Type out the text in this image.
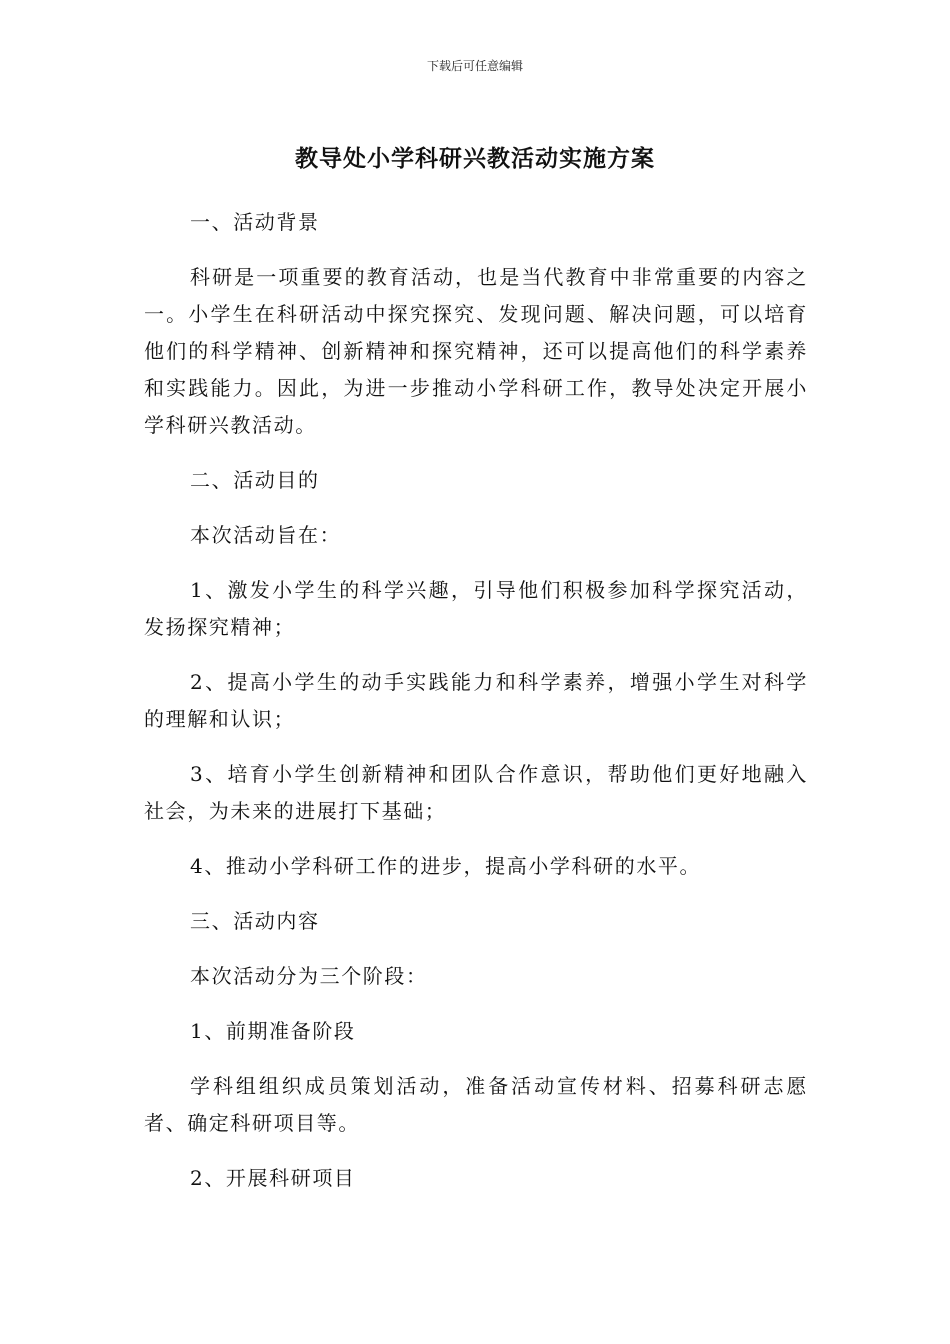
下载后可任意编辑
教导处小学科研兴教活动实施方案

一、活动背景

科研是一项重要的教育活动，也是当代教育中非常重要的内容之一。小学生在科研活动中探究探究、发现问题、解决问题，可以培育他们的科学精神、创新精神和探究精神，还可以提高他们的科学素养和实践能力。因此，为进一步推动小学科研工作，教导处决定开展小学科研兴教活动。

二、活动目的

本次活动旨在：

1、激发小学生的科学兴趣，引导他们积极参加科学探究活动，发扬探究精神；

2、提高小学生的动手实践能力和科学素养，增强小学生对科学的理解和认识；

3、培育小学生创新精神和团队合作意识，帮助他们更好地融入社会，为未来的进展打下基础；

4、推动小学科研工作的进步，提高小学科研的水平。

三、活动内容

本次活动分为三个阶段：

1、前期准备阶段

学科组组织成员策划活动，准备活动宣传材料、招募科研志愿者、确定科研项目等。

2、开展科研项目
